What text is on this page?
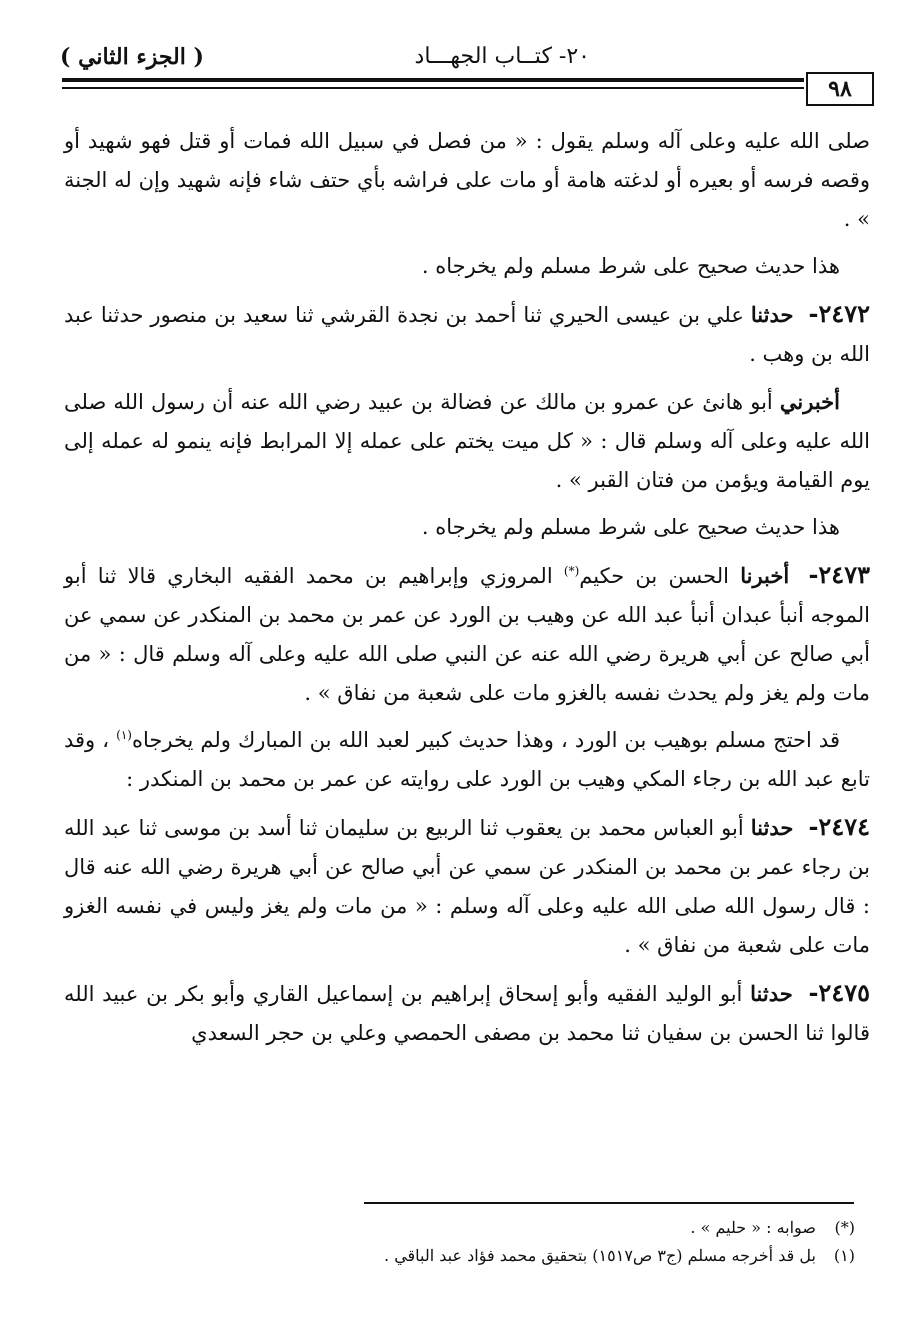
٢٠- كتــاب الجهـــاد
( الجزء الثاني )
٩٨

صلى الله عليه وعلى آله وسلم يقول : « من فصل في سبيل الله فمات أو قتل فهو شهيد أو وقصه فرسه أو بعيره أو لدغته هامة أو مات على فراشه بأي حتف شاء فإنه شهيد وإن له الجنة » .

هذا حديث صحيح على شرط مسلم ولم يخرجاه .

٢٤٧٢- حدثنا علي بن عيسى الحيري ثنا أحمد بن نجدة القرشي ثنا سعيد بن منصور حدثنا عبد الله بن وهب .

أخبرني أبو هانئ عن عمرو بن مالك عن فضالة بن عبيد رضي الله عنه أن رسول الله صلى الله عليه وعلى آله وسلم قال : « كل ميت يختم على عمله إلا المرابط فإنه ينمو له عمله إلى يوم القيامة ويؤمن من فتان القبر » .

هذا حديث صحيح على شرط مسلم ولم يخرجاه .

٢٤٧٣- أخبرنا الحسن بن حكيم(*) المروزي وإبراهيم بن محمد الفقيه البخاري قالا ثنا أبو الموجه أنبأ عبدان أنبأ عبد الله عن وهيب بن الورد عن عمر بن محمد بن المنكدر عن سمي عن أبي صالح عن أبي هريرة رضي الله عنه عن النبي صلى الله عليه وعلى آله وسلم قال : « من مات ولم يغز ولم يحدث نفسه بالغزو مات على شعبة من نفاق » .

قد احتج مسلم بوهيب بن الورد ، وهذا حديث كبير لعبد الله بن المبارك ولم يخرجاه$^{(١)}$ ، وقد تابع عبد الله بن رجاء المكي وهيب بن الورد على روايته عن عمر بن محمد بن المنكدر :

٢٤٧٤- حدثنا أبو العباس محمد بن يعقوب ثنا الربيع بن سليمان ثنا أسد بن موسى ثنا عبد الله بن رجاء عمر بن محمد بن المنكدر عن سمي عن أبي صالح عن أبي هريرة رضي الله عنه قال : قال رسول الله صلى الله عليه وعلى آله وسلم : « من مات ولم يغز وليس في نفسه الغزو مات على شعبة من نفاق » .

٢٤٧٥- حدثنا أبو الوليد الفقيه وأبو إسحاق إبراهيم بن إسماعيل القاري وأبو بكر بن عبيد الله قالوا ثنا الحسن بن سفيان ثنا محمد بن مصفى الحمصي وعلي بن حجر السعدي

(*) صوابه : « حليم » .

(١) بل قد أخرجه مسلم (ج٣ ص١٥١٧) بتحقيق محمد فؤاد عبد الباقي .
